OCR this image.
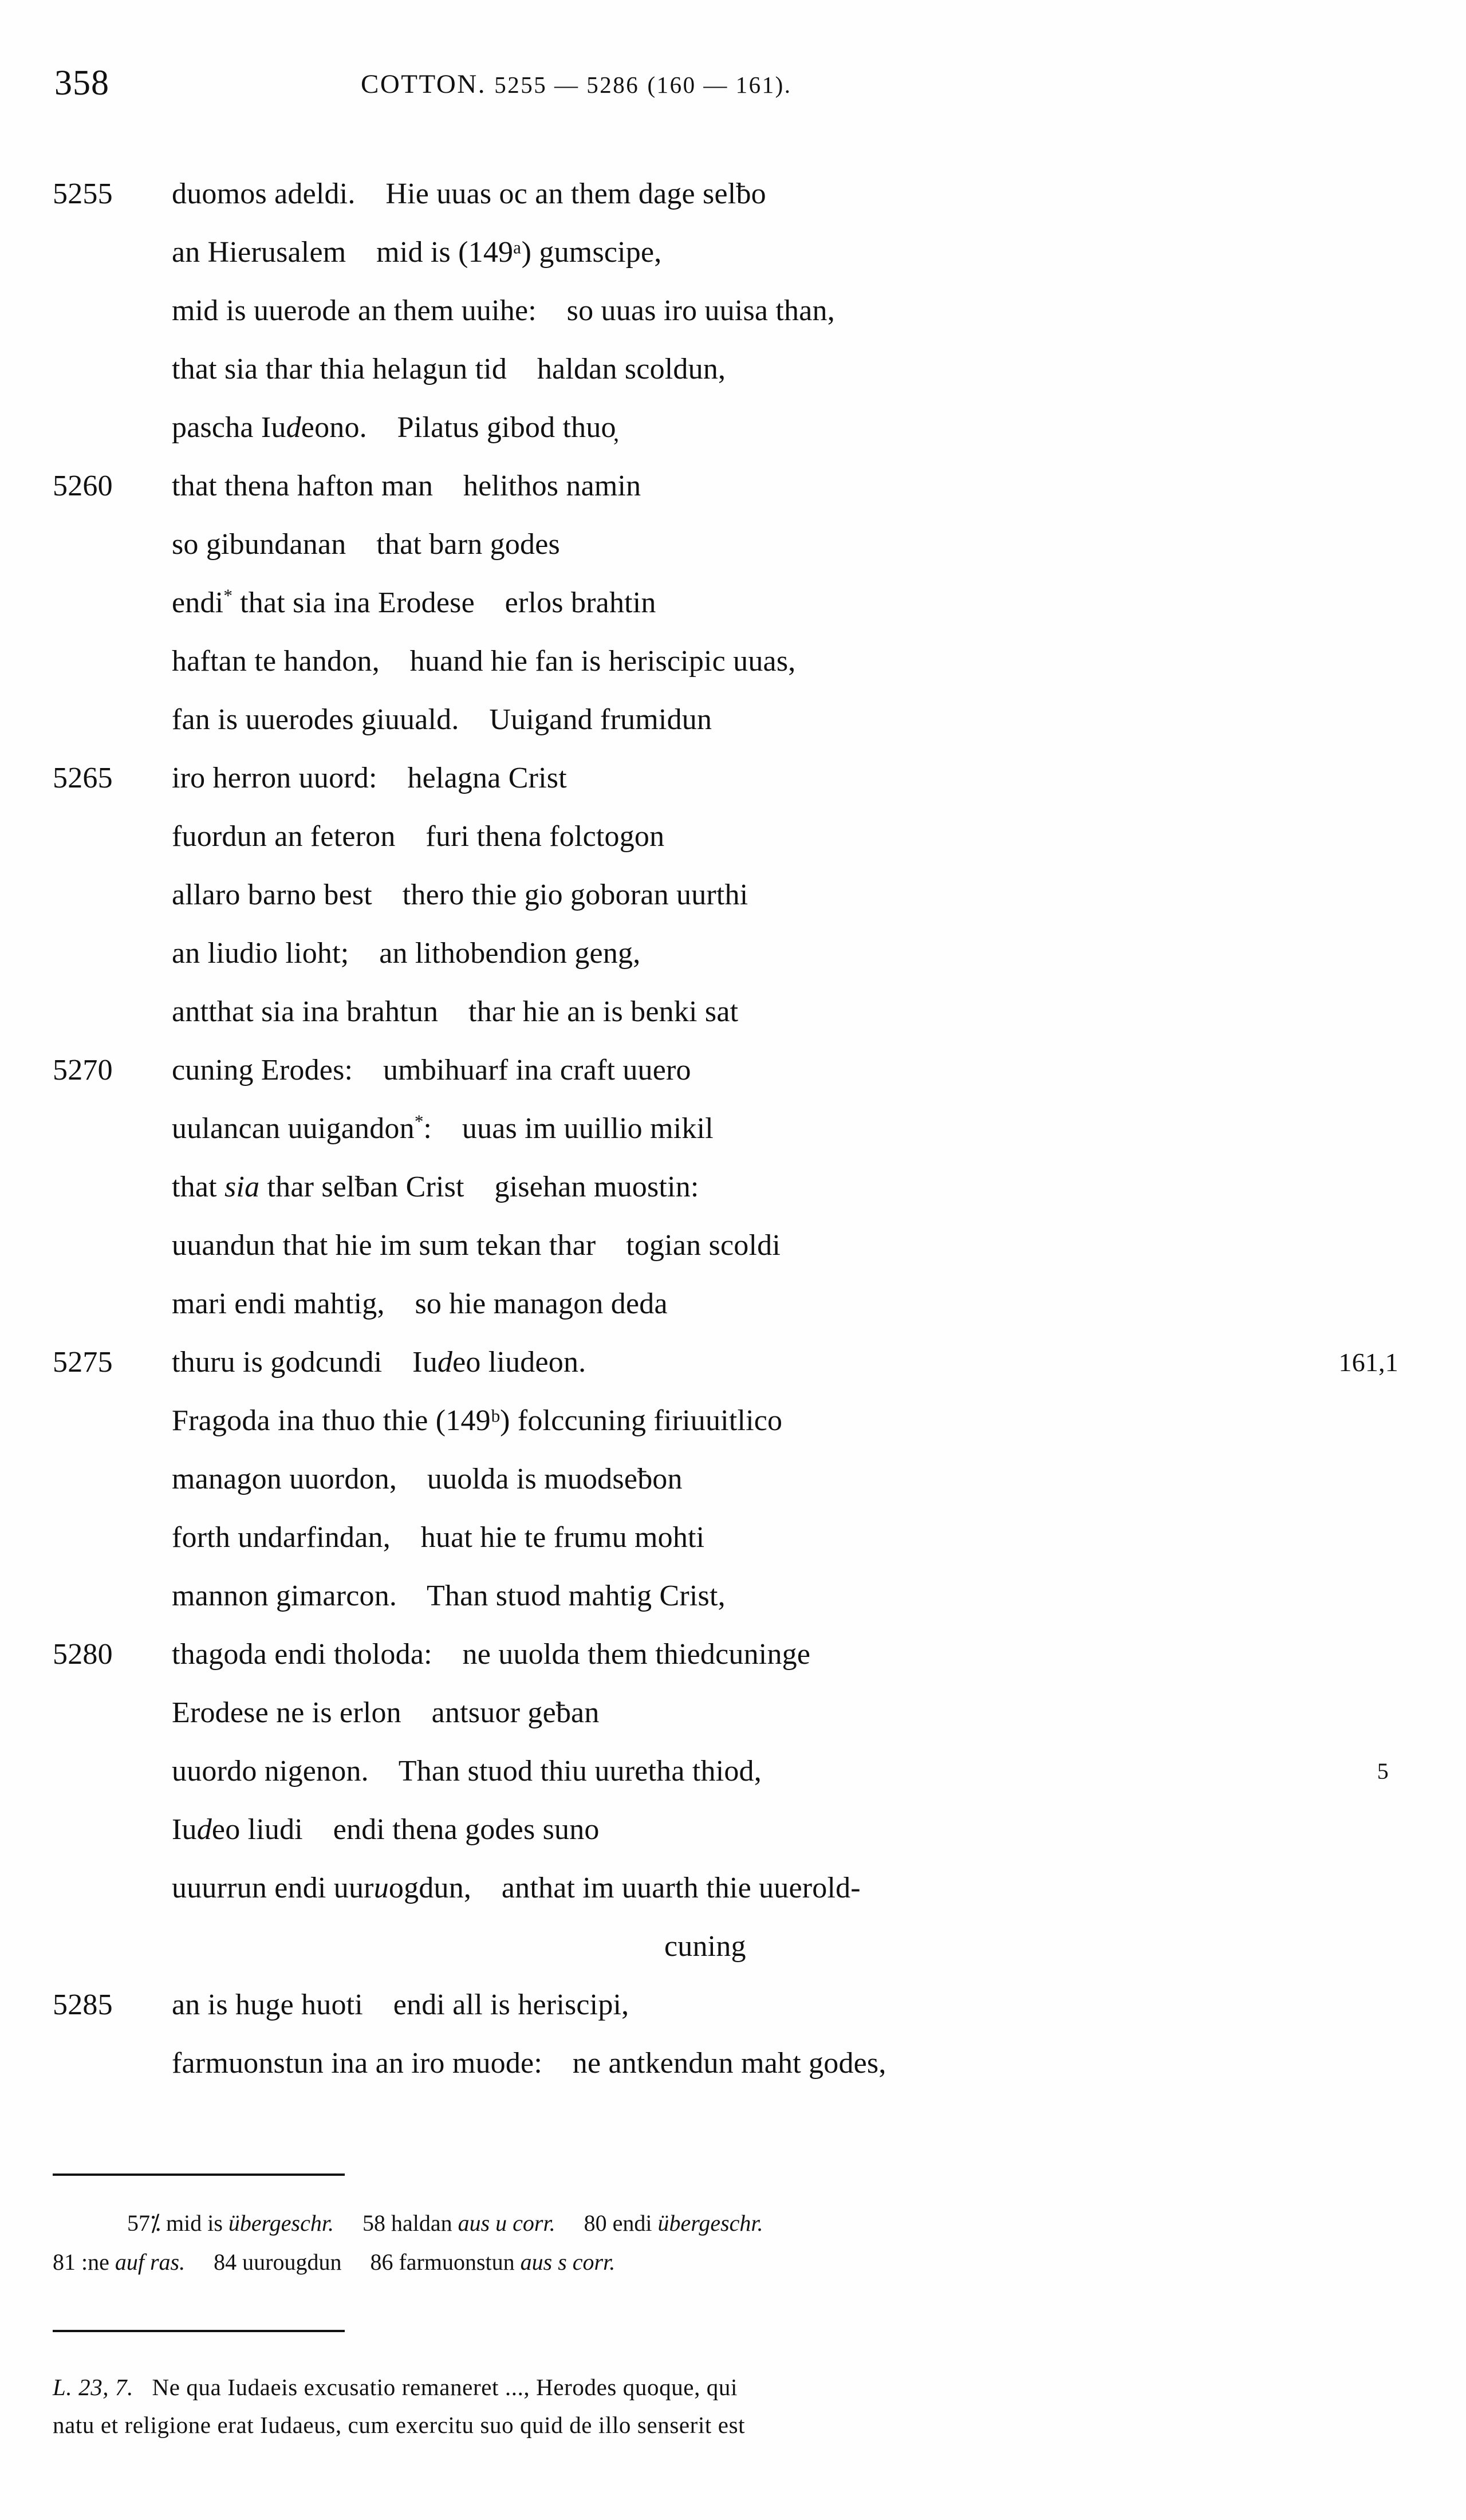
358	COTTON. 5255 — 5286 (160 — 161).
5255	duomos adeldi.    Hie uuas oc an them dage selƀo
an Hierusalem    mid is (149ᵃ) gumscipe,
mid is uuerode an them uuihe:    so uuas iro uuisa than,
that sia thar thia helagun tid    haldan scoldun,
pascha Iudeono.    Pilatus gibod thuo̦
5260	that thena hafton man    helithos namin
so gibundanan    that barn godes
endi* that sia ina Erodese    erlos brahtin
haftan te handon,    huand hie fan is heriscipic uuas,
fan is uuerodes giuuald.    Uuigand frumidun
5265	iro herron uuord:    helagna Crist
fuordun an feteron    furi thena folctogon
allaro barno best    thero thie gio goboran uurthi
an liudio lioht;    an lithobendion geng,
antthat sia ina brahtun    thar hie an is benki sat
5270	cuning Erodes:    umbihuarf ina craft uuero
uulancan uuigandon*:    uuas im uuillio mikil
that sia thar selƀan Crist    gisehan muostin:
uuandun that hie im sum tekan thar    togian scoldi
mari endi mahtig,    so hie managon deda
5275	thuru is godcundi    Iudeo liudeon.	161,1
Fragoda ina thuo thie (149ᵇ) folccuning firiuuitlico
managon uuordon,    uuolda is muodseƀon
forth undarfindan,    huat hie te frumu mohti
mannon gimarcon.    Than stuod mahtig Crist,
5280	thagoda endi tholoda:    ne uuolda them thiedcuninge
Erodese ne is erlon    antsuor geƀan
uuordo nigenon.    Than stuod thiu uuretha thiod,	5
Iudeo liudi    endi thena godes suno
uuurrun endi uuruogdun,    anthat im uuarth thie uuerold-
cuning
5285	an is huge huoti    endi all is heriscipi,
farmuonstun ina an iro muode:    ne antkendun maht godes,
57⁒ mid is übergeschr. 58 haldan aus u corr. 80 endi übergeschr.
81 :ne auf ras. 84 uurougdun 86 farmuonstun aus s corr.
L. 23, 7. Ne qua Iudaeis excusatio remaneret ..., Herodes quoque, qui
natu et religione erat Iudaeus, cum exercitu suo quid de illo senserit est
